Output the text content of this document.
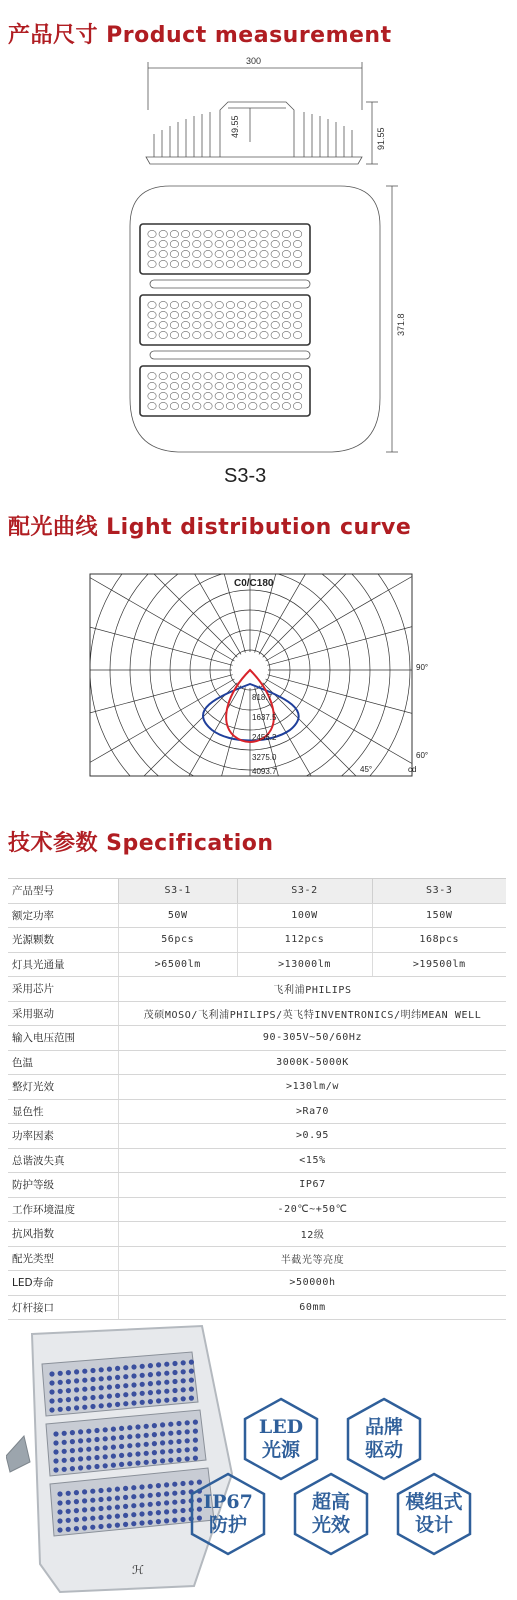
产品尺寸 Product measurement
配光曲线 Light distribution curve
技术参数 Specification
300
49.55
91.55
371.8
S3-3
C0/C180
818.7
1637.5
2456.2
3275.0
4093.7
90°
60°
45°	cd
产品型号	S3-1	S3-2	S3-3
额定功率	50W	100W	150W
光源颗数	56pcs	112pcs	168pcs
灯具光通量	>6500lm	>13000lm	>19500lm
采用芯片	飞利浦PHILIPS		
采用驱动	茂硕MOSO/飞利浦PHILIPS/英飞特INVENTRONICS/明纬MEAN WELL		
输入电压范围	90-305V~50/60Hz		
色温	3000K-5000K		
整灯光效	>130lm/w		
显色性	>Ra70		
功率因素	>0.95		
总谐波失真	<15%		
防护等级	IP67		
工作环境温度	-20℃~+50℃		
抗风指数	12级		
配光类型	半截光等亮度		
LED寿命	>50000h		
灯杆接口	60mm		
ℋ
LED
光源
品牌
驱动
IP67
防护
超高
光效
模组式
设计
